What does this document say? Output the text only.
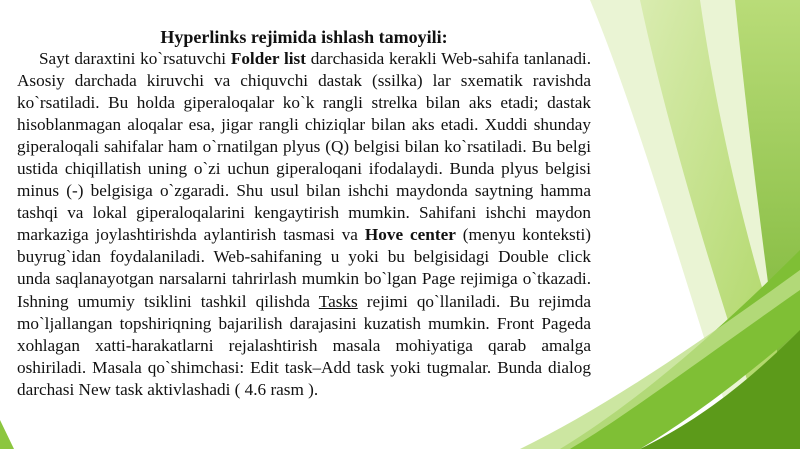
Hyperlinks rejimida ishlash tamoyili:

Sayt daraxtini ko`rsatuvchi Folder list darchasida kerakli Web-sahifa tanlanadi. Asosiy darchada kiruvchi va chiquvchi dastak (ssilka) lar sxematik ravishda ko`rsatiladi. Bu holda giperaloqalar ko`k rangli strelka bilan aks etadi; dastak hisoblanmagan aloqalar esa, jigar rangli chiziqlar bilan aks etadi. Xuddi shunday giperaloqali sahifalar ham o`rnatilgan plyus (Q) belgisi bilan ko`rsatiladi. Bu belgi ustida chiqillatish uning o`zi uchun giperaloqani ifodalaydi. Bunda plyus belgisi minus (-) belgisiga o`zgaradi. Shu usul bilan ishchi maydonda saytning hamma tashqi va lokal giperaloqalarini kengaytirish mumkin. Sahifani ishchi maydon markaziga joylashtirishda aylantirish tasmasi va Hove center (menyu konteksti) buyrug`idan foydalaniladi. Web-sahifaning u yoki bu belgisidagi Double click unda saqlanayotgan narsalarni tahrirlash mumkin bo`lgan Page rejimiga o`tkazadi. Ishning umumiy tsiklini tashkil qilishda Tasks rejimi qo`llaniladi. Bu rejimda mo`ljallangan topshiriqning bajarilish darajasini kuzatish mumkin. Front Pageda xohlagan xatti-harakatlarni rejalashtirish masala mohiyatiga qarab amalga oshiriladi. Masala qo`shimchasi: Edit task–Add task yoki tugmalar. Bunda dialog darchasi New task aktivlashadi ( 4.6 rasm ).
